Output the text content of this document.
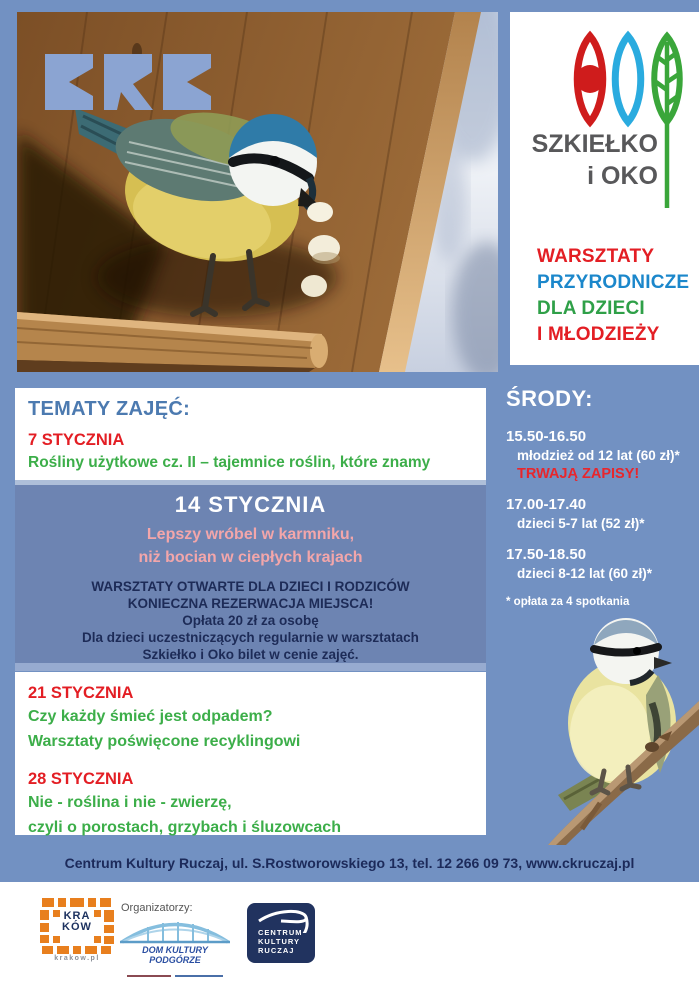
SZKIEŁKO
i OKO
WARSZTATY
PRZYRODNICZE
DLA DZIECI
I MŁODZIEŻY
TEMATY ZAJĘĆ:
7 STYCZNIA
Rośliny użytkowe cz. II – tajemnice roślin, które znamy
14 STYCZNIA
Lepszy wróbel w karmniku,
niż bocian w ciepłych krajach
WARSZTATY OTWARTE DLA DZIECI I RODZICÓW
KONIECZNA REZERWACJA MIEJSCA!
Opłata 20 zł za osobę
Dla dzieci uczestniczących regularnie w warsztatach
Szkiełko i Oko bilet w cenie zajęć.
21 STYCZNIA
Czy każdy śmieć jest odpadem?
Warsztaty poświęcone recyklingowi
28 STYCZNIA
Nie - roślina i nie - zwierzę,
czyli o porostach, grzybach i śluzowcach
ŚRODY:
15.50-16.50
młodzież od 12 lat (60 zł)*
TRWAJĄ ZAPISY!
17.00-17.40
dzieci 5-7 lat (52 zł)*
17.50-18.50
dzieci 8-12 lat (60 zł)*
* opłata za 4 spotkania
Centrum Kultury Ruczaj, ul. S.Rostworowskiego 13, tel. 12 266 09 73, www.ckruczaj.pl
KRA
KÓW
krakow.pl
Organizatorzy:
DOM KULTURY PODGÓRZE
CENTRUM
KULTURY
RUCZAJ
